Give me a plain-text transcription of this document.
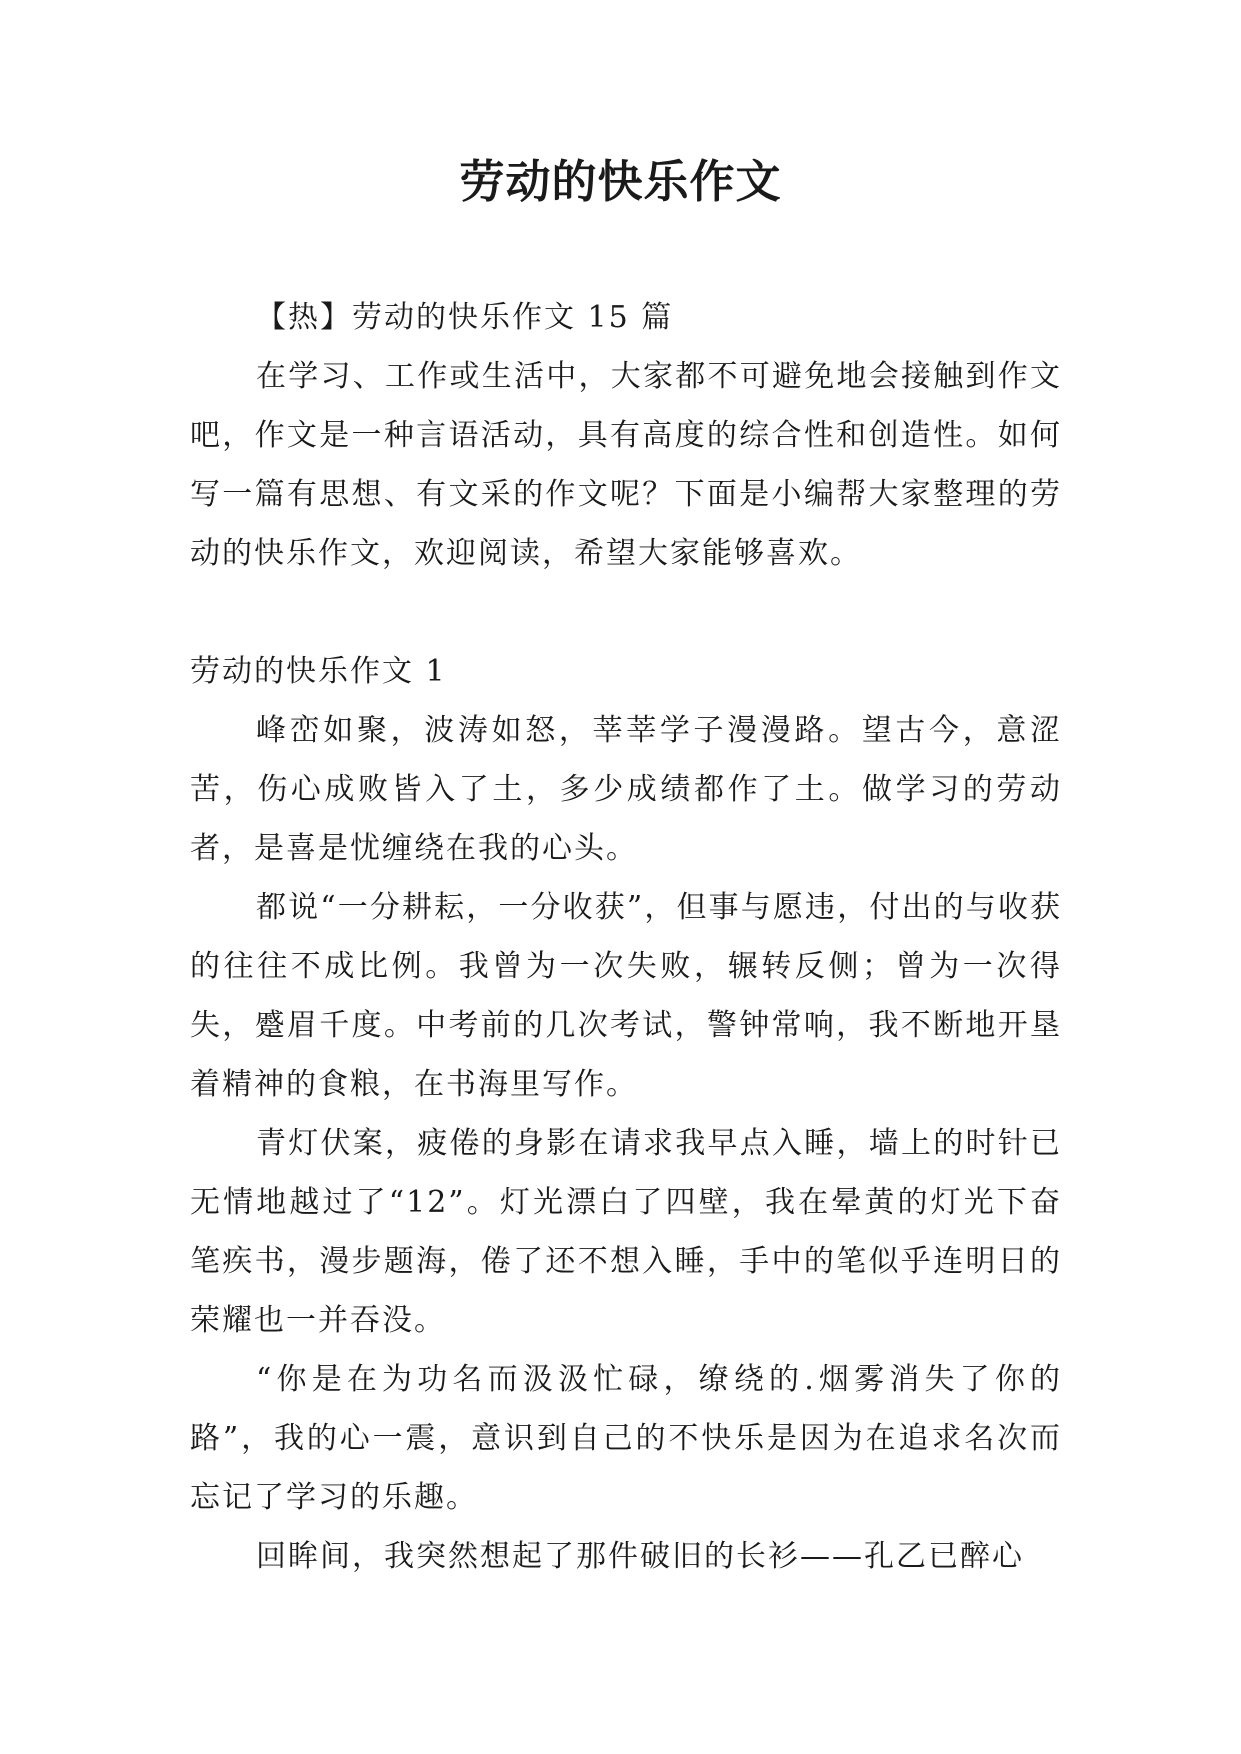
劳动的快乐作文

【热】劳动的快乐作文 15 篇

在学习、工作或生活中，大家都不可避免地会接触到作文吧，作文是一种言语活动，具有高度的综合性和创造性。如何写一篇有思想、有文采的作文呢？下面是小编帮大家整理的劳动的快乐作文，欢迎阅读，希望大家能够喜欢。

劳动的快乐作文 1

峰峦如聚，波涛如怒，莘莘学子漫漫路。望古今，意涩苦，伤心成败皆入了土，多少成绩都作了土。做学习的劳动者，是喜是忧缠绕在我的心头。

都说“一分耕耘，一分收获”，但事与愿违，付出的与收获的往往不成比例。我曾为一次失败，辗转反侧；曾为一次得失，蹙眉千度。中考前的几次考试，警钟常响，我不断地开垦着精神的食粮，在书海里写作。

青灯伏案，疲倦的身影在请求我早点入睡，墙上的时针已无情地越过了“12”。灯光漂白了四壁，我在晕黄的灯光下奋笔疾书，漫步题海，倦了还不想入睡，手中的笔似乎连明日的荣耀也一并吞没。

“你是在为功名而汲汲忙碌，缭绕的.烟雾消失了你的路”，我的心一震，意识到自己的不快乐是因为在追求名次而忘记了学习的乐趣。

回眸间，我突然想起了那件破旧的长衫——孔乙已醉心
